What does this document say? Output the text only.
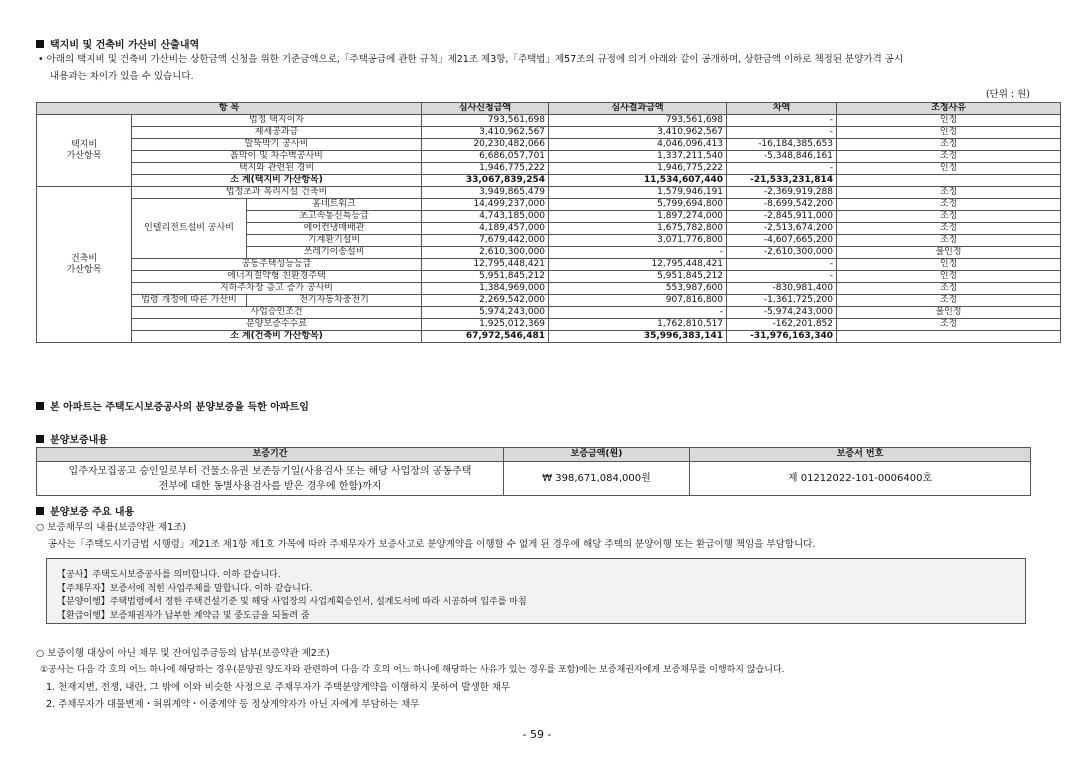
택지비 및 건축비 가산비 산출내역
• 아래의 택지비 및 건축비 가산비는 상한금액 신청을 위한 기준금액으로,「주택공급에 관한 규칙」제21조 제3항,「주택법」제57조의 규정에 의거 아래와 같이 공개하며, 상한금액 이하로 책정된 분양가격 공시
내용과는 차이가 있을 수 있습니다.
(단위 : 원)
항 목			심사신청금액	심사결과금액	차액	조정사유
택지비
가산항목	법정 택지이자		793,561,698	793,561,698	-	인정
	제세공과금		3,410,962,567	3,410,962,567	-	인정
	말뚝박기 공사비		20,230,482,066	4,046,096,413	-16,184,385,653	조정
	흙막이 및 차수벽공사비		6,686,057,701	1,337,211,540	-5,348,846,161	조정
	택지와 관련된 경비		1,946,775,222	1,946,775,222	-	인정
	소 계(택지비 가산항목)		33,067,839,254	11,534,607,440	-21,533,231,814	
건축비
가산항목	법정초과 복리시설 건축비		3,949,865,479	1,579,946,191	-2,369,919,288	조정
	인텔리전트설비 공사비	홈네트워크	14,499,237,000	5,799,694,800	-8,699,542,200	조정
		초고속통신특등급	4,743,185,000	1,897,274,000	-2,845,911,000	조정
		에어컨냉매배관	4,189,457,000	1,675,782,800	-2,513,674,200	조정
		기계환기설비	7,679,442,000	3,071,776,800	-4,607,665,200	조정
		쓰레기이송설비	2,610,300,000	-	-2,610,300,000	불인정
	공동주택성능등급		12,795,448,421	12,795,448,421	-	인정
	에너지절약형 친환경주택		5,951,845,212	5,951,845,212	-	인정
	지하주차장 층고 증가 공사비		1,384,969,000	553,987,600	-830,981,400	조정
	법령 개정에 따른 가산비	전기자동차충전기	2,269,542,000	907,816,800	-1,361,725,200	조정
	사업승인조건		5,974,243,000	-	-5,974,243,000	불인정
	분양보증수수료		1,925,012,369	1,762,810,517	-162,201,852	조정
	소 계(건축비 가산항목)		67,972,546,481	35,996,383,141	-31,976,163,340	
본 아파트는 주택도시보증공사의 분양보증을 득한 아파트임
분양보증내용
보증기간	보증금액(원)	보증서 번호

입주자모집공고 승인일로부터 건물소유권 보존등기일(사용검사 또는 해당 사업장의 공동주택
전부에 대한 동별사용검사를 받은 경우에 한함)까지	₩ 398,671,084,000원	제 01212022-101-0006400호
분양보증 주요 내용
○ 보증채무의 내용(보증약관 제1조)
공사는「주택도시기금법 시행령」제21조 제1항 제1호 가목에 따라 주채무자가 보증사고로 분양계약을 이행할 수 없게 된 경우에 해당 주택의 분양이행 또는 환급이행 책임을 부담합니다.
【공사】주택도시보증공사를 의미합니다. 이하 같습니다.
【주채무자】보증서에 적힌 사업주체를 말합니다. 이하 같습니다.
【분양이행】주택법령에서 정한 주택건설기준 및 해당 사업장의 사업계획승인서, 설계도서에 따라 시공하여 입주를 마침
【환급이행】보증채권자가 납부한 계약금 및 중도금을 되돌려 줌
○ 보증이행 대상이 아닌 채무 및 잔여입주금등의 납부(보증약관 제2조)
①공사는 다음 각 호의 어느 하나에 해당하는 경우(분양권 양도자와 관련하여 다음 각 호의 어느 하나에 해당하는 사유가 있는 경우를 포함)에는 보증채권자에게 보증채무를 이행하지 않습니다.
1. 천재지변, 전쟁, 내란, 그 밖에 이와 비슷한 사정으로 주채무자가 주택분양계약을 이행하지 못하여 발생한 채무
2. 주채무자가 대물변제・허위계약・이중계약 등 정상계약자가 아닌 자에게 부담하는 채무
- 59 -
